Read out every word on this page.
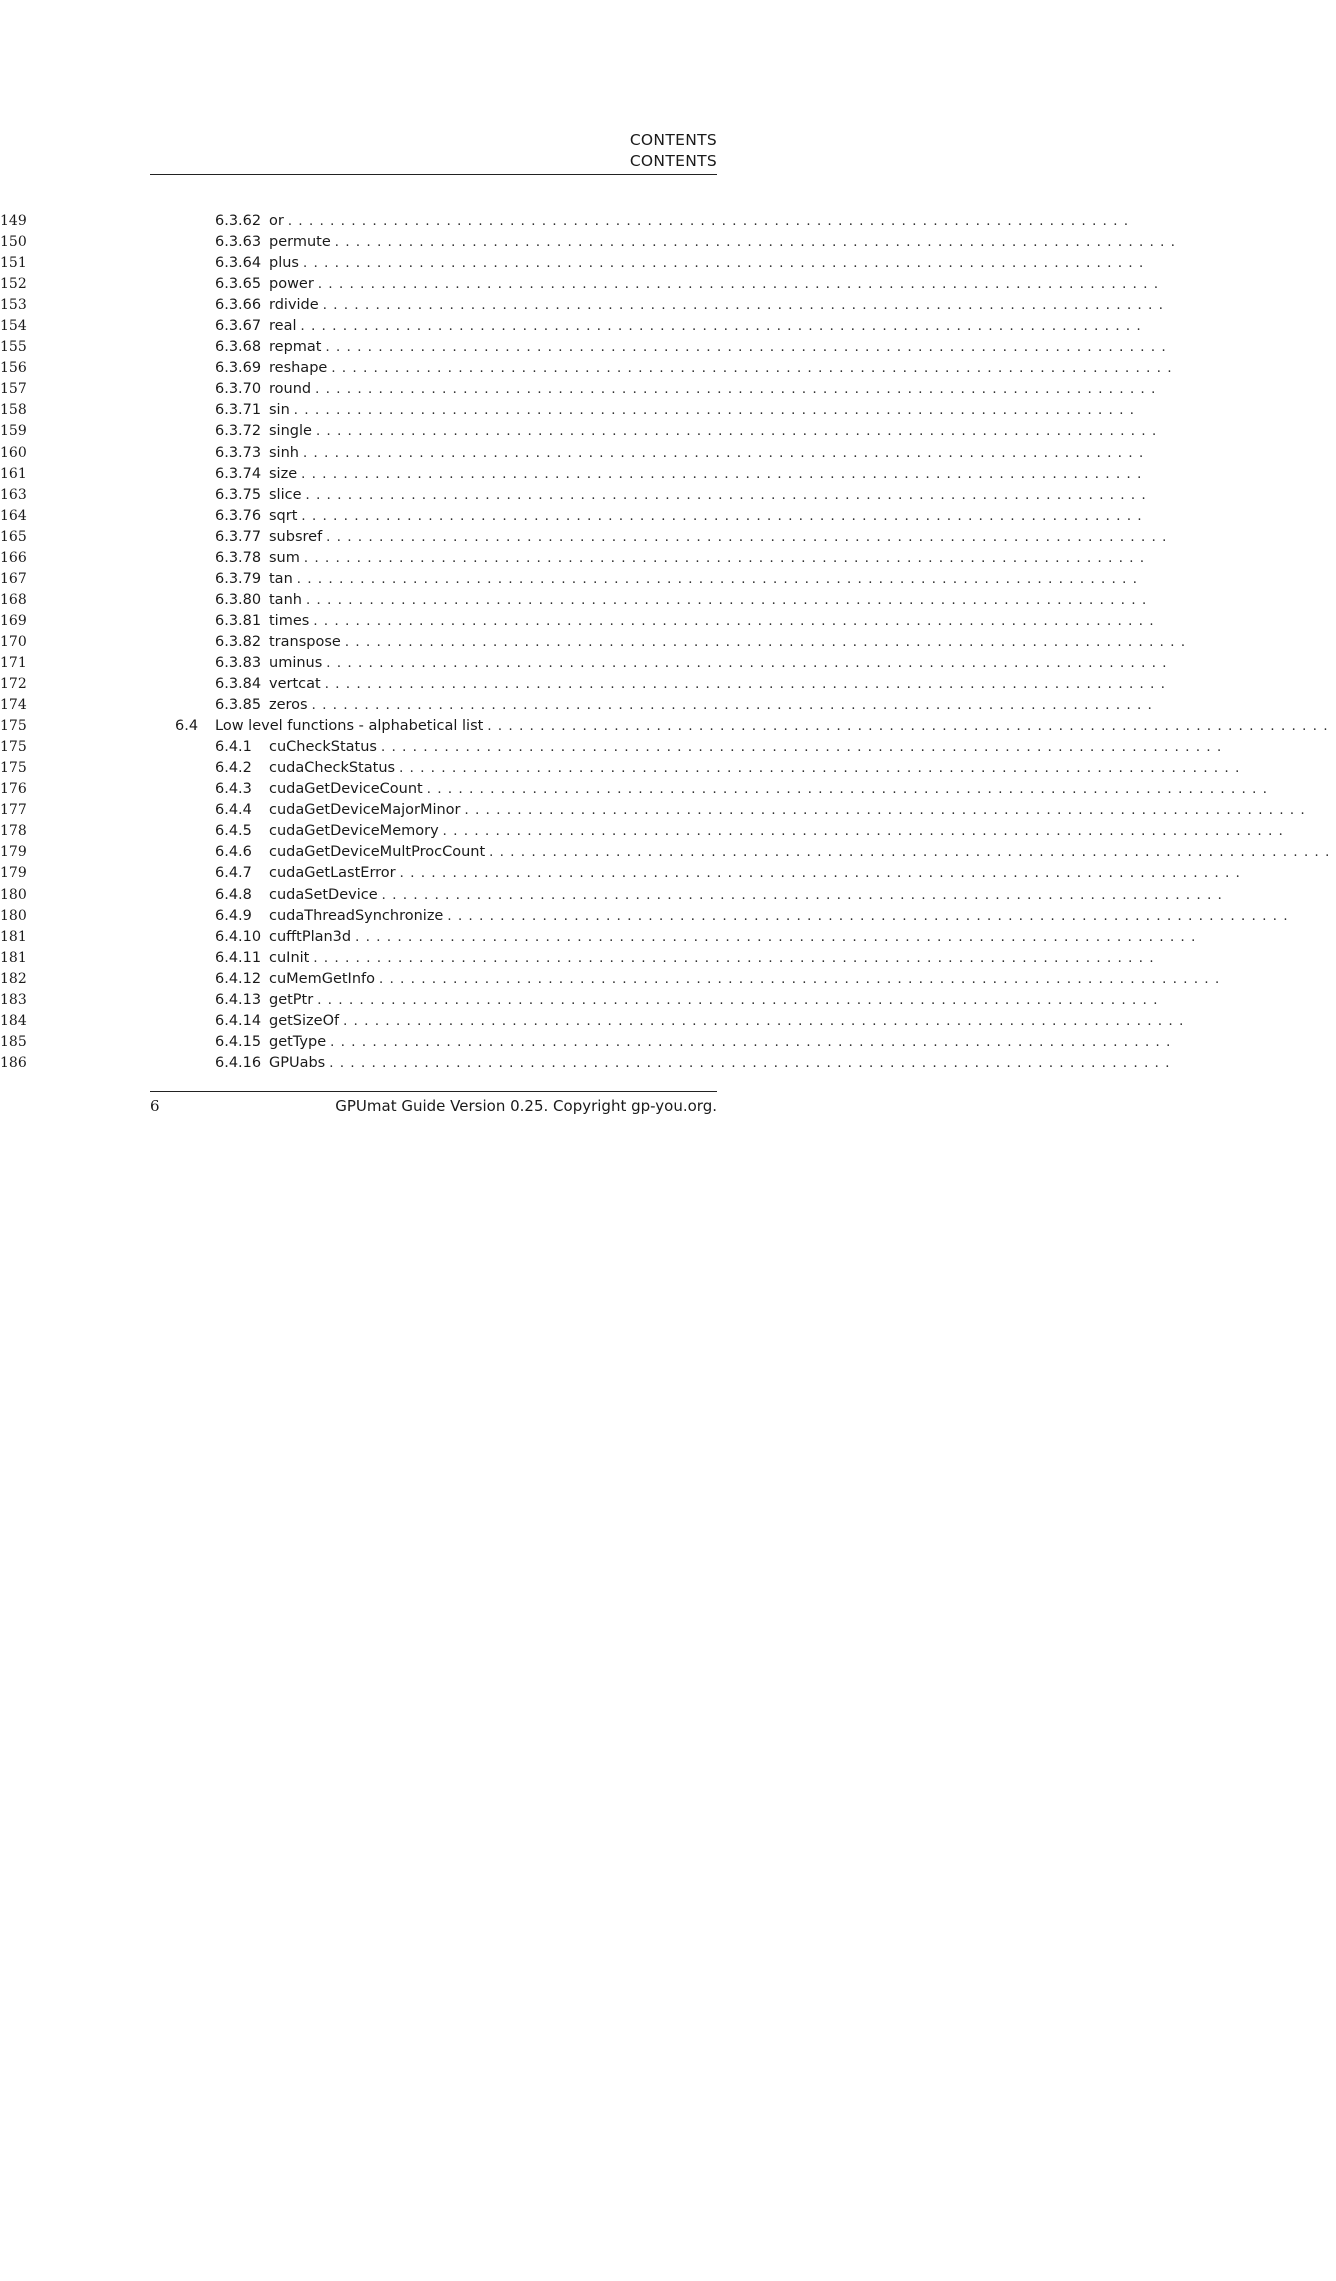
CONTENTS
CONTENTS
6.3.62 or ................................................................................
149
6.3.63 permute ................................................................................
150
6.3.64 plus ................................................................................
151
6.3.65 power ................................................................................
152
6.3.66 rdivide ................................................................................
153
6.3.67 real ................................................................................
154
6.3.68 repmat ................................................................................
155
6.3.69 reshape ................................................................................
156
6.3.70 round ................................................................................
157
6.3.71 sin ................................................................................
158
6.3.72 single ................................................................................
159
6.3.73 sinh ................................................................................
160
6.3.74 size ................................................................................
161
6.3.75 slice ................................................................................
163
6.3.76 sqrt ................................................................................
164
6.3.77 subsref ................................................................................
165
6.3.78 sum ................................................................................
166
6.3.79 tan ................................................................................
167
6.3.80 tanh ................................................................................
168
6.3.81 times ................................................................................
169
6.3.82 transpose ................................................................................
170
6.3.83 uminus ................................................................................
171
6.3.84 vertcat ................................................................................
172
6.3.85 zeros ................................................................................
174
6.4 Low level functions - alphabetical list ................................................................................
175
6.4.1 cuCheckStatus ................................................................................
175
6.4.2 cudaCheckStatus ................................................................................
175
6.4.3 cudaGetDeviceCount ................................................................................
176
6.4.4 cudaGetDeviceMajorMinor ................................................................................
177
6.4.5 cudaGetDeviceMemory ................................................................................
178
6.4.6 cudaGetDeviceMultProcCount ................................................................................
179
6.4.7 cudaGetLastError ................................................................................
179
6.4.8 cudaSetDevice ................................................................................
180
6.4.9 cudaThreadSynchronize ................................................................................
180
6.4.10 cufftPlan3d ................................................................................
181
6.4.11 cuInit ................................................................................
181
6.4.12 cuMemGetInfo ................................................................................
182
6.4.13 getPtr ................................................................................
183
6.4.14 getSizeOf ................................................................................
184
6.4.15 getType ................................................................................
185
6.4.16 GPUabs ................................................................................
186
6	GPUmat Guide Version 0.25. Copyright gp-you.org.
